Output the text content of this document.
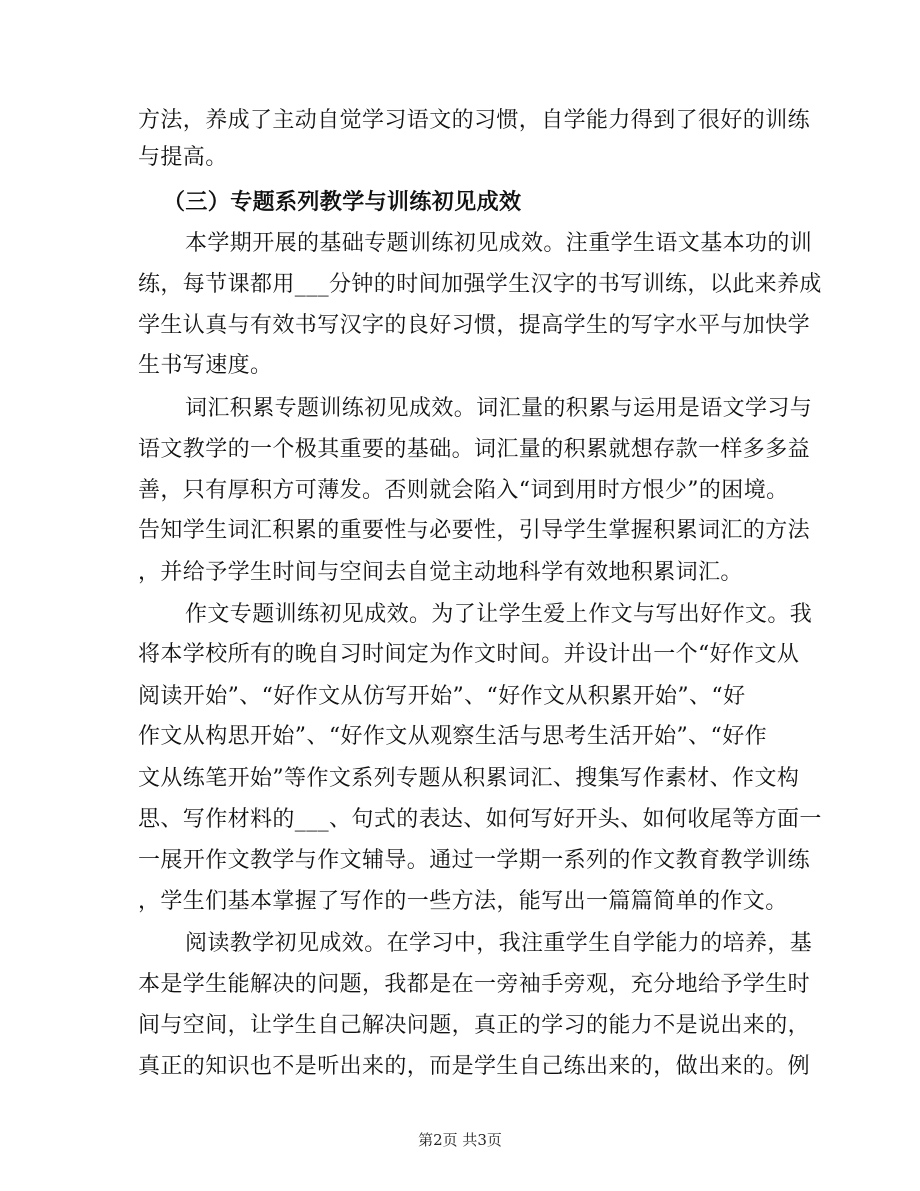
方法，养成了主动自觉学习语文的习惯，自学能力得到了很好的训练
与提高。
（三）专题系列教学与训练初见成效
本学期开展的基础专题训练初见成效。注重学生语文基本功的训
练，每节课都用___分钟的时间加强学生汉字的书写训练，以此来养成
学生认真与有效书写汉字的良好习惯，提高学生的写字水平与加快学
生书写速度。
词汇积累专题训练初见成效。词汇量的积累与运用是语文学习与
语文教学的一个极其重要的基础。词汇量的积累就想存款一样多多益
善，只有厚积方可薄发。否则就会陷入“词到用时方恨少”的困境。
告知学生词汇积累的重要性与必要性，引导学生掌握积累词汇的方法
，并给予学生时间与空间去自觉主动地科学有效地积累词汇。
作文专题训练初见成效。为了让学生爱上作文与写出好作文。我
将本学校所有的晚自习时间定为作文时间。并设计出一个“好作文从
阅读开始”、“好作文从仿写开始”、“好作文从积累开始”、“好
作文从构思开始”、“好作文从观察生活与思考生活开始”、“好作
文从练笔开始”等作文系列专题从积累词汇、搜集写作素材、作文构
思、写作材料的___、句式的表达、如何写好开头、如何收尾等方面一
一展开作文教学与作文辅导。通过一学期一系列的作文教育教学训练
，学生们基本掌握了写作的一些方法，能写出一篇篇简单的作文。
阅读教学初见成效。在学习中，我注重学生自学能力的培养，基
本是学生能解决的问题，我都是在一旁袖手旁观，充分地给予学生时
间与空间，让学生自己解决问题，真正的学习的能力不是说出来的，
真正的知识也不是听出来的，而是学生自己练出来的，做出来的。例
第2页 共3页
